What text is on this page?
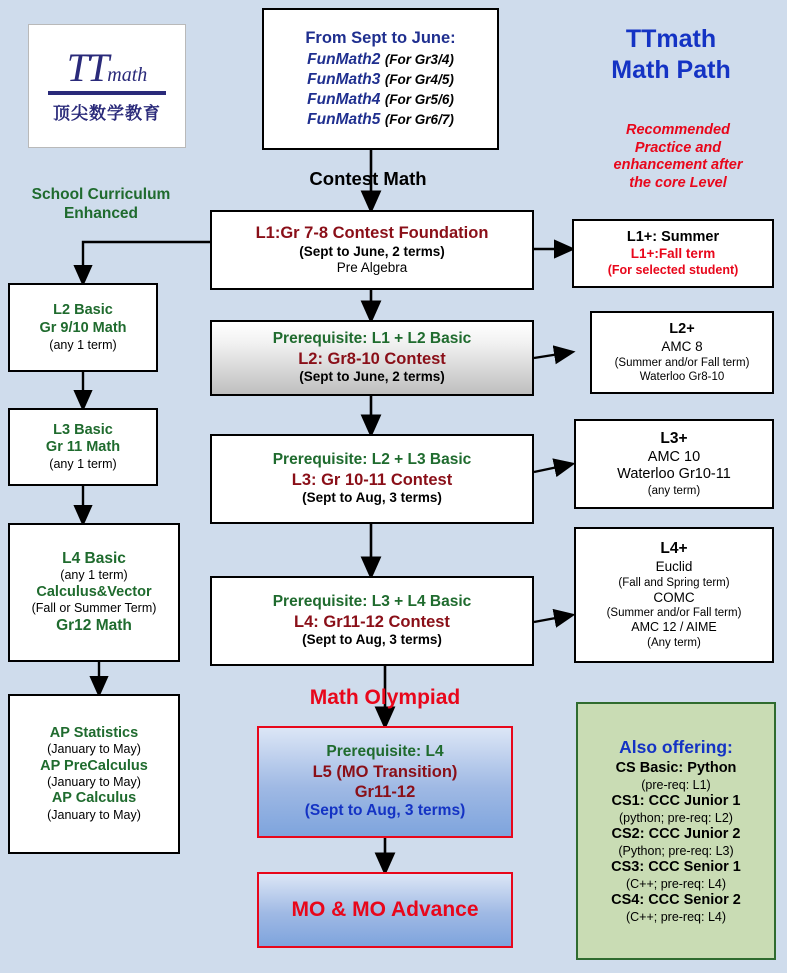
TTmath
顶尖数学教育
TTmath
Math Path
Recommended
Practice and
enhancement after
the core Level
From Sept to June:
FunMath2 (For Gr3/4)
FunMath3 (For Gr4/5)
FunMath4 (For Gr5/6)
FunMath5 (For Gr6/7)
Contest Math
School Curriculum
Enhanced
L1:Gr 7-8 Contest Foundation
(Sept to June, 2 terms)
Pre Algebra
L1+: Summer
L1+:Fall term
(For selected student)
L2 Basic
Gr 9/10 Math
(any 1 term)	Prerequisite: L1 + L2 Basic
L2: Gr8-10 Contest
(Sept to June, 2 terms)
L2+
AMC 8
(Summer and/or Fall term)
Waterloo Gr8-10
L3 Basic
Gr 11 Math
(any 1 term)	Prerequisite: L2 + L3 Basic
L3: Gr 10-11 Contest
(Sept to Aug, 3 terms)
L3+
AMC 10
Waterloo Gr10-11
(any term)
L4 Basic
(any 1 term)
Calculus&Vector
(Fall or Summer Term)
Gr12 Math
Prerequisite: L3 + L4 Basic
L4: Gr11-12 Contest
(Sept to Aug, 3 terms)
L4+
Euclid
(Fall and Spring term)
COMC
(Summer and/or Fall term)
AMC 12 / AIME
(Any term)
Math Olympiad
AP Statistics
(January to May)
AP PreCalculus
(January to May)
AP Calculus
(January to May)
Prerequisite: L4
L5 (MO Transition)
Gr11-12
(Sept to Aug, 3 terms)
MO & MO Advance
Also offering:
CS Basic: Python
(pre-req: L1)
CS1: CCC Junior 1
(python; pre-req: L2)
CS2: CCC Junior 2
(Python; pre-req: L3)
CS3: CCC Senior 1
(C++; pre-req: L4)
CS4: CCC Senior 2
(C++; pre-req: L4)
